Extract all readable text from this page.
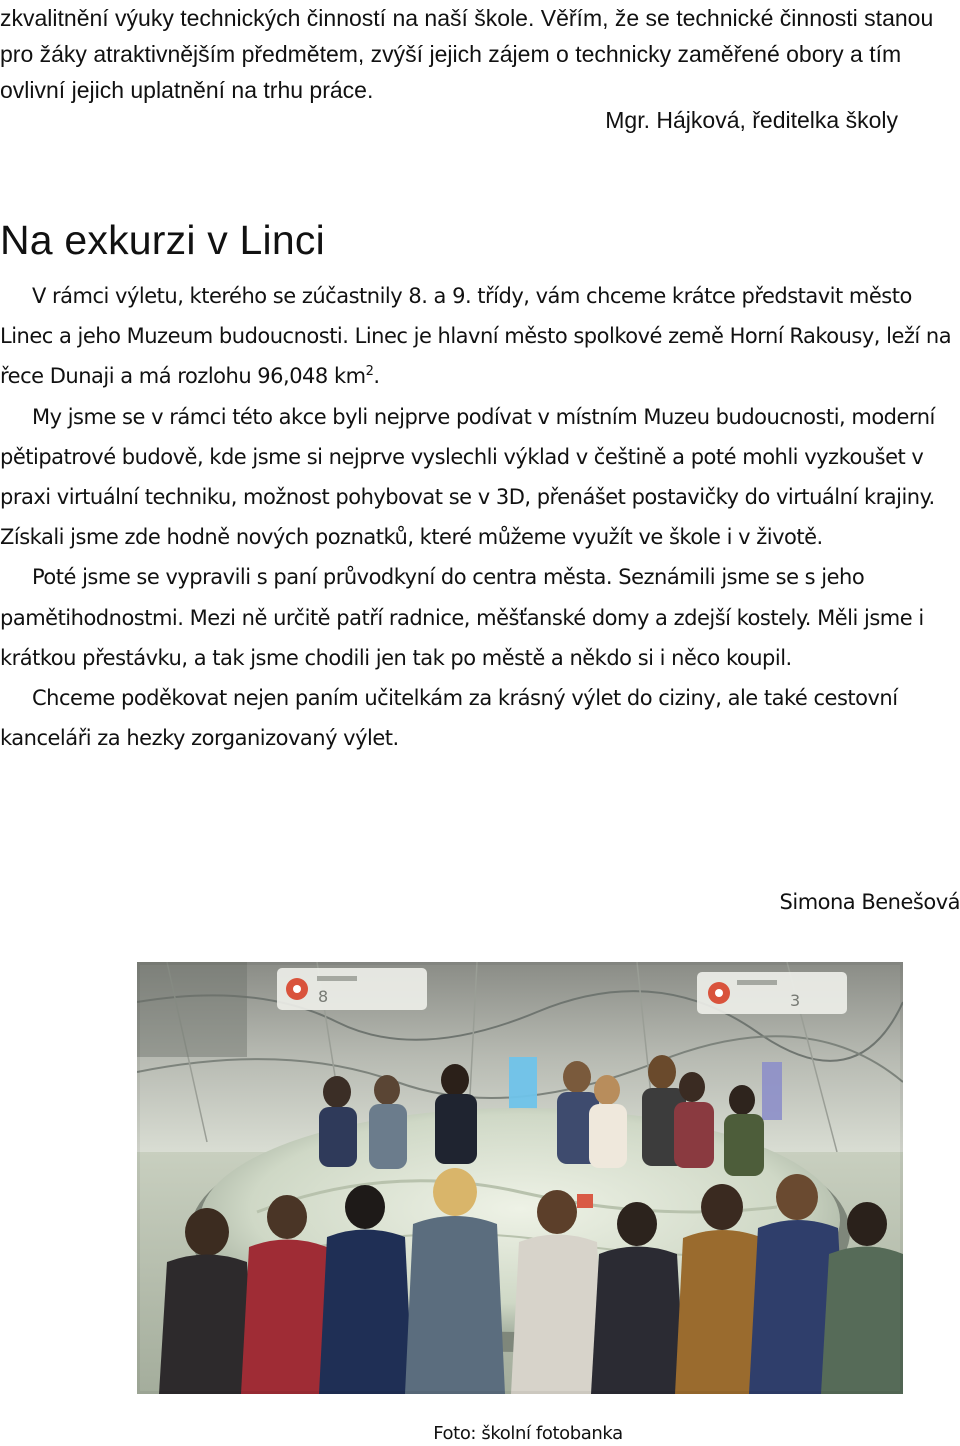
zkvalitnění výuky technických činností na naší škole. Věřím, že se technické činnosti stanou pro žáky atraktivnějším předmětem, zvýší jejich zájem o technicky zaměřené obory a tím ovlivní jejich uplatnění na trhu práce.

Mgr. Hájková, ředitelka školy

Na exkurzi v Linci

V rámci výletu, kterého se zúčastnily 8. a 9. třídy, vám chceme krátce představit město Linec a jeho Muzeum budoucnosti. Linec je hlavní město spolkové země Horní Rakousy, leží na řece Dunaji a má rozlohu 96,048 $km^2$.

My jsme se v rámci této akce byli nejprve podívat v místním Muzeu budoucnosti, moderní pětipatrové budově, kde jsme si nejprve vyslechli výklad v češtině a poté mohli vyzkoušet v praxi virtuální techniku, možnost pohybovat se v 3D, přenášet postavičky do virtuální krajiny. Získali jsme zde hodně nových poznatků, které můžeme využít ve škole i v životě.

Poté jsme se vypravili s paní průvodkyní do centra města. Seznámili jsme se s jeho pamětihodnostmi. Mezi ně určitě patří radnice, měšťanské domy a zdejší kostely. Měli jsme i krátkou přestávku, a tak jsme chodili jen tak po městě a někdo si i něco koupil.

Chceme poděkovat nejen paním učitelkám za krásný výlet do ciziny, ale také cestovní kanceláři za hezky zorganizovaný výlet.

Simona Benešová

8	3

Foto: školní fotobanka
